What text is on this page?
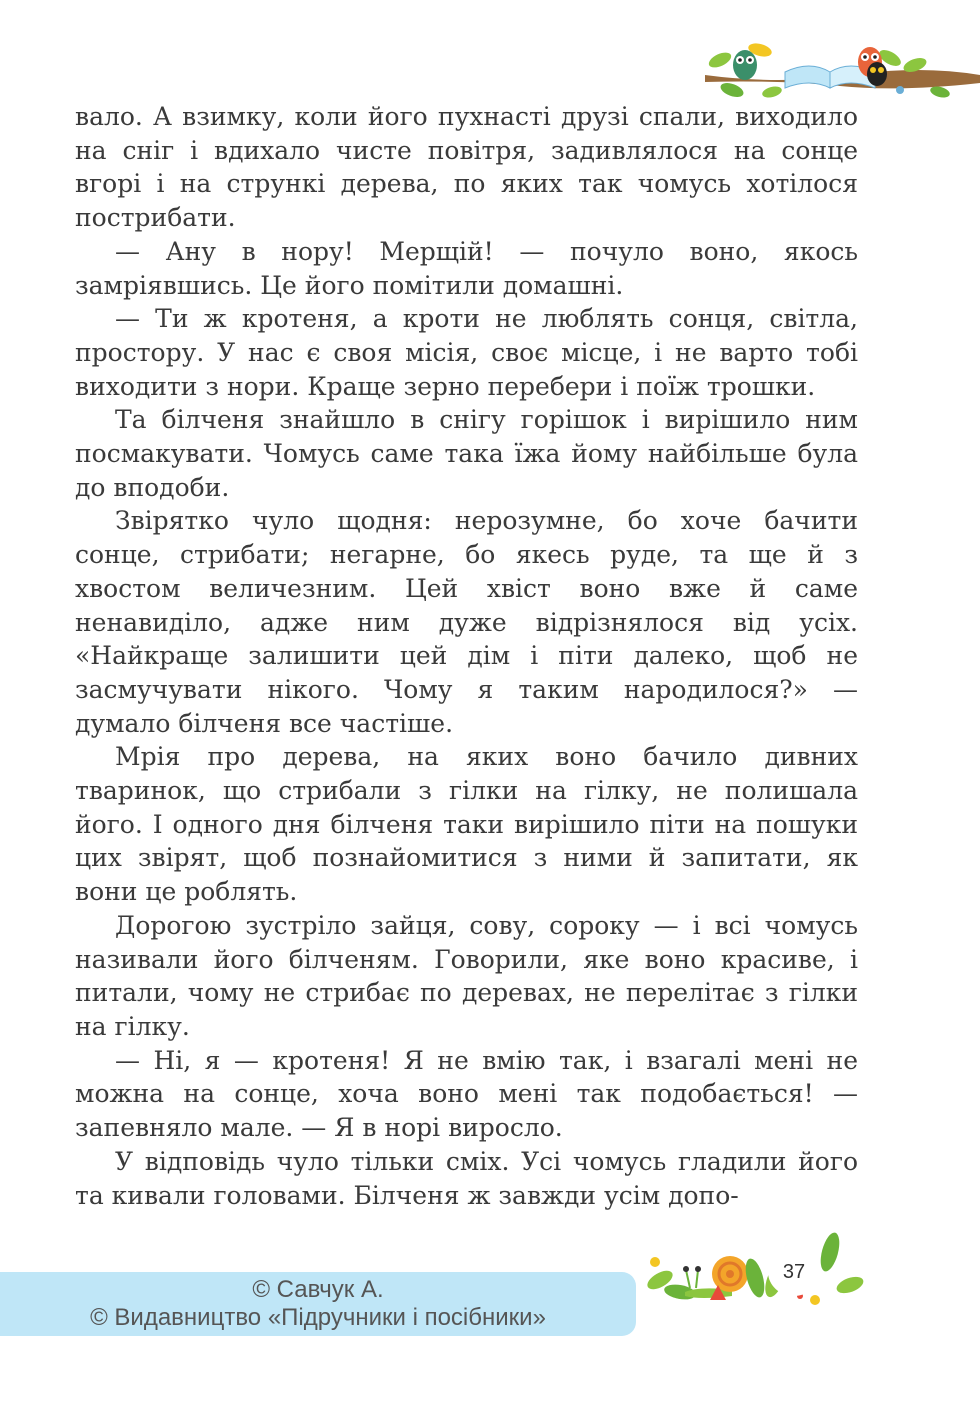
вало. А взимку, коли його пухнасті друзі спали, виходило на сніг і вдихало чисте повітря, задивлялося на сонце вгорі і на стрункі дерева, по яких так чомусь хотілося пострибати.

— Ану в нору! Мерщій! — почуло воно, якось замріявшись. Це його помітили домашні.

— Ти ж кротеня, а кроти не люблять сонця, світла, простору. У нас є своя місія, своє місце, і не варто тобі виходити з нори. Краще зерно перебери і поїж трошки.

Та білченя знайшло в снігу горішок і вирішило ним посмакувати. Чомусь саме така їжа йому найбільше була до вподоби.

Звірятко чуло щодня: нерозумне, бо хоче бачити сонце, стрибати; негарне, бо якесь руде, та ще й з хвостом величезним. Цей хвіст воно вже й саме ненавиділо, адже ним дуже відрізнялося від усіх. «Найкраще залишити цей дім і піти далеко, щоб не засмучувати нікого. Чому я таким народилося?» — думало білченя все частіше.

Мрія про дерева, на яких воно бачило дивних тваринок, що стрибали з гілки на гілку, не полишала його. І одного дня білченя таки вирішило піти на пошуки цих звірят, щоб познайомитися з ними й запитати, як вони це роблять.

Дорогою зустріло зайця, сову, сороку — і всі чомусь називали його білченям. Говорили, яке воно красиве, і питали, чому не стрибає по деревах, не перелітає з гілки на гілку.

— Ні, я — кротеня! Я не вмію так, і взагалі мені не можна на сонце, хоча воно мені так подобається! — запевняло мале. — Я в норі виросло.

У відповідь чуло тільки сміх. Усі чомусь гладили його та кивали головами. Білченя ж завжди усім допо-

37
© Савчук А.
© Видавництво «Підручники і посібники»
